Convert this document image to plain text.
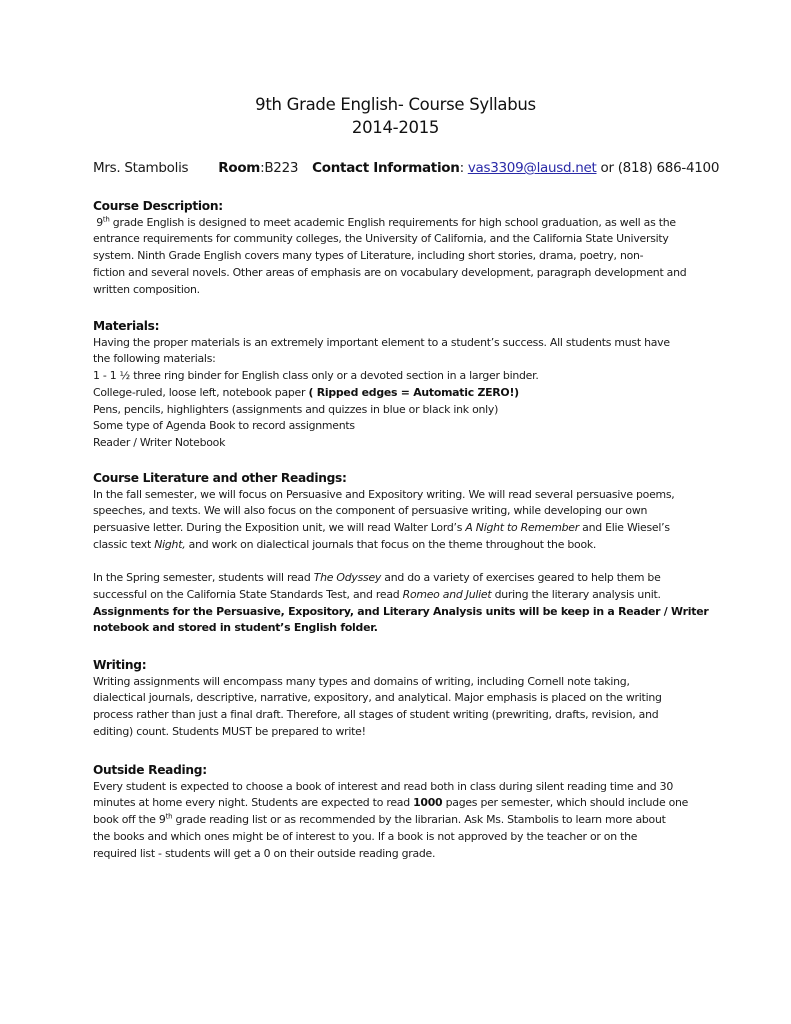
9th Grade English- Course Syllabus
2014-2015
Mrs. Stambolis Room:B223 Contact Information: vas3309@lausd.net or (818) 686-4100
Course Description:
9th grade English is designed to meet academic English requirements for high school graduation, as well as the
entrance requirements for community colleges, the University of California, and the California State University
system. Ninth Grade English covers many types of Literature, including short stories, drama, poetry, non-
fiction and several novels. Other areas of emphasis are on vocabulary development, paragraph development and
written composition.
Materials:
Having the proper materials is an extremely important element to a student’s success. All students must have
the following materials:
1 - 1 ½ three ring binder for English class only or a devoted section in a larger binder.
College-ruled, loose left, notebook paper ( Ripped edges = Automatic ZERO!)
Pens, pencils, highlighters (assignments and quizzes in blue or black ink only)
Some type of Agenda Book to record assignments
Reader / Writer Notebook
Course Literature and other Readings:
In the fall semester, we will focus on Persuasive and Expository writing. We will read several persuasive poems,
speeches, and texts. We will also focus on the component of persuasive writing, while developing our own
persuasive letter. During the Exposition unit, we will read Walter Lord’s A Night to Remember and Elie Wiesel’s
classic text Night, and work on dialectical journals that focus on the theme throughout the book.
In the Spring semester, students will read The Odyssey and do a variety of exercises geared to help them be
successful on the California State Standards Test, and read Romeo and Juliet during the literary analysis unit.
Assignments for the Persuasive, Expository, and Literary Analysis units will be keep in a Reader / Writer
notebook and stored in student’s English folder.
Writing:
Writing assignments will encompass many types and domains of writing, including Cornell note taking,
dialectical journals, descriptive, narrative, expository, and analytical. Major emphasis is placed on the writing
process rather than just a final draft. Therefore, all stages of student writing (prewriting, drafts, revision, and
editing) count. Students MUST be prepared to write!
Outside Reading:
Every student is expected to choose a book of interest and read both in class during silent reading time and 30
minutes at home every night. Students are expected to read 1000 pages per semester, which should include one
book off the 9th grade reading list or as recommended by the librarian. Ask Ms. Stambolis to learn more about
the books and which ones might be of interest to you. If a book is not approved by the teacher or on the
required list - students will get a 0 on their outside reading grade.
